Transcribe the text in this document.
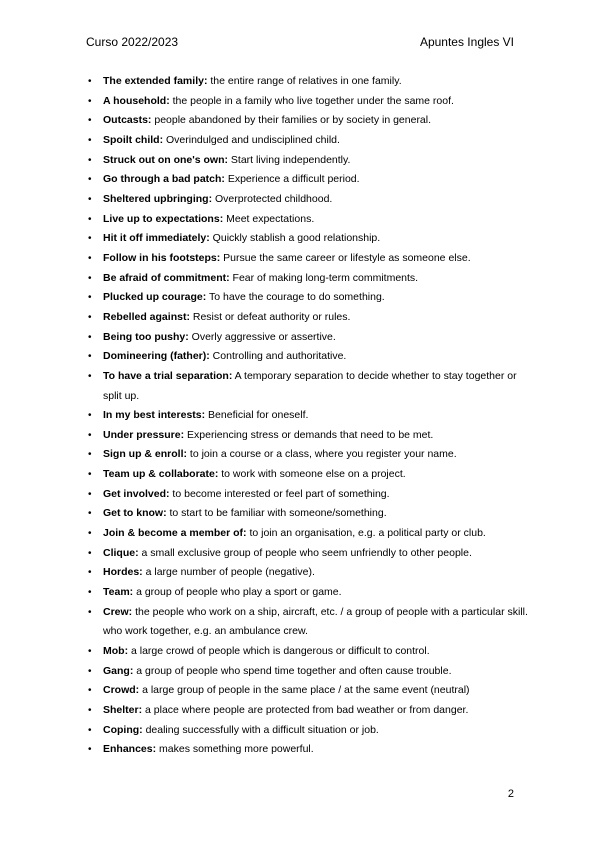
Curso 2022/2023	Apuntes Ingles VI
• The extended family: the entire range of relatives in one family.
• A household: the people in a family who live together under the same roof.
• Outcasts: people abandoned by their families or by society in general.
• Spoilt child: Overindulged and undisciplined child.
• Struck out on one's own: Start living independently.
• Go through a bad patch: Experience a difficult period.
• Sheltered upbringing: Overprotected childhood.
• Live up to expectations: Meet expectations.
• Hit it off immediately: Quickly stablish a good relationship.
• Follow in his footsteps: Pursue the same career or lifestyle as someone else.
• Be afraid of commitment: Fear of making long-term commitments.
• Plucked up courage: To have the courage to do something.
• Rebelled against: Resist or defeat authority or rules.
• Being too pushy: Overly aggressive or assertive.
• Domineering (father): Controlling and authoritative.
• To have a trial separation: A temporary separation to decide whether to stay together or split up.
• In my best interests: Beneficial for oneself.
• Under pressure: Experiencing stress or demands that need to be met.
• Sign up & enroll: to join a course or a class, where you register your name.
• Team up & collaborate: to work with someone else on a project.
• Get involved: to become interested or feel part of something.
• Get to know: to start to be familiar with someone/something.
• Join & become a member of: to join an organisation, e.g. a political party or club.
• Clique: a small exclusive group of people who seem unfriendly to other people.
• Hordes: a large number of people (negative).
• Team: a group of people who play a sport or game.
• Crew: the people who work on a ship, aircraft, etc. / a group of people with a particular skill. who work together, e.g. an ambulance crew.
• Mob: a large crowd of people which is dangerous or difficult to control.
• Gang: a group of people who spend time together and often cause trouble.
• Crowd: a large group of people in the same place / at the same event (neutral)
• Shelter: a place where people are protected from bad weather or from danger.
• Coping: dealing successfully with a difficult situation or job.
• Enhances: makes something more powerful.
2
